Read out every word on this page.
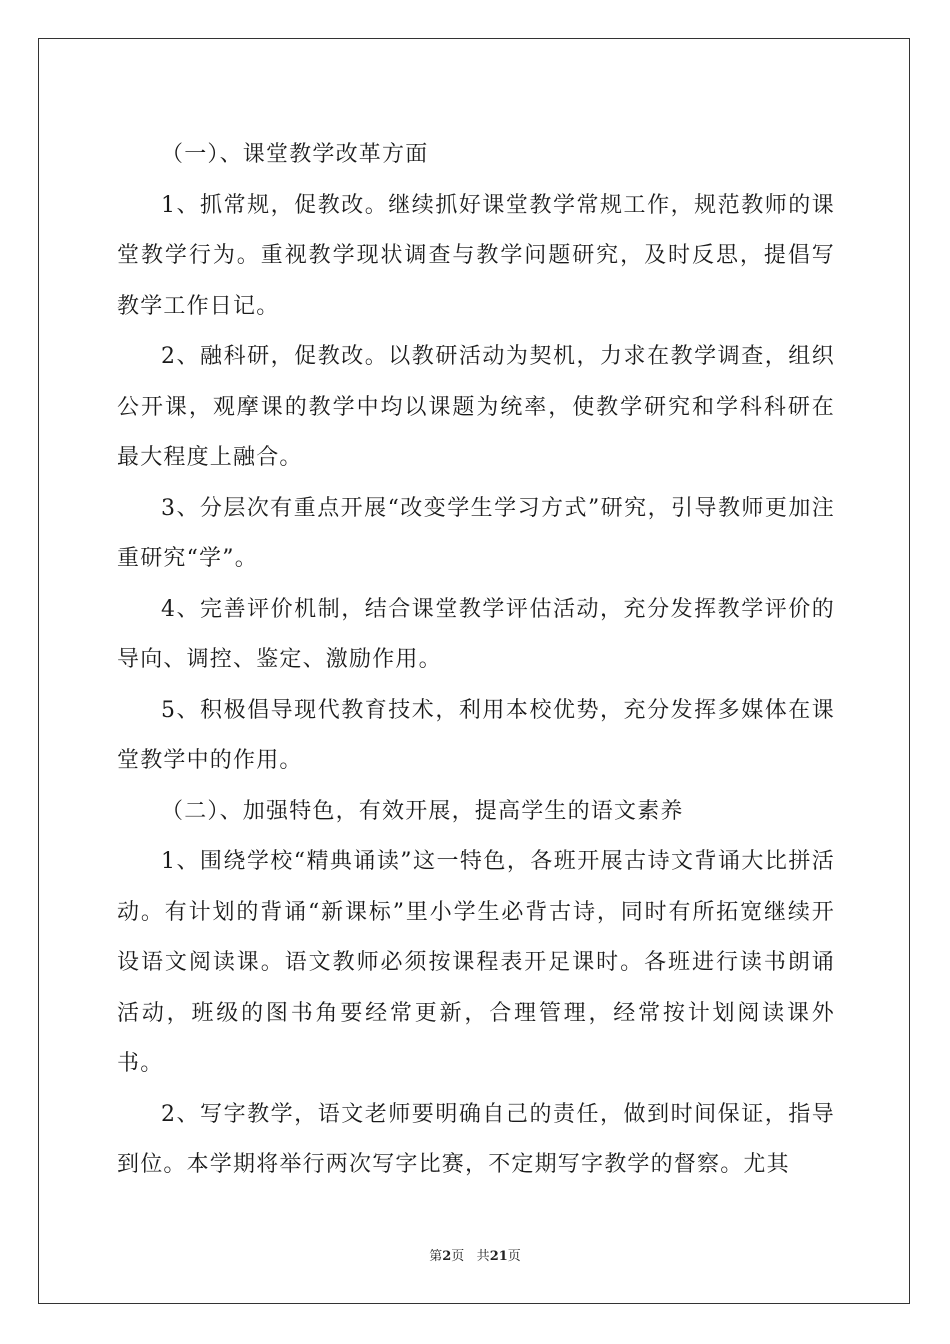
（一）、课堂教学改革方面

1、抓常规，促教改。继续抓好课堂教学常规工作，规范教师的课堂教学行为。重视教学现状调查与教学问题研究，及时反思，提倡写教学工作日记。

2、融科研，促教改。以教研活动为契机，力求在教学调查，组织公开课，观摩课的教学中均以课题为统率，使教学研究和学科科研在最大程度上融合。

3、分层次有重点开展“改变学生学习方式”研究，引导教师更加注重研究“学”。

4、完善评价机制，结合课堂教学评估活动，充分发挥教学评价的导向、调控、鉴定、激励作用。

5、积极倡导现代教育技术，利用本校优势，充分发挥多媒体在课堂教学中的作用。

（二）、加强特色，有效开展，提高学生的语文素养

1、围绕学校“精典诵读”这一特色，各班开展古诗文背诵大比拼活动。有计划的背诵“新课标”里小学生必背古诗，同时有所拓宽继续开设语文阅读课。语文教师必须按课程表开足课时。各班进行读书朗诵活动，班级的图书角要经常更新，合理管理，经常按计划阅读课外书。

2、写字教学，语文老师要明确自己的责任，做到时间保证，指导到位。本学期将举行两次写字比赛，不定期写字教学的督察。尤其

第2页 共21页
